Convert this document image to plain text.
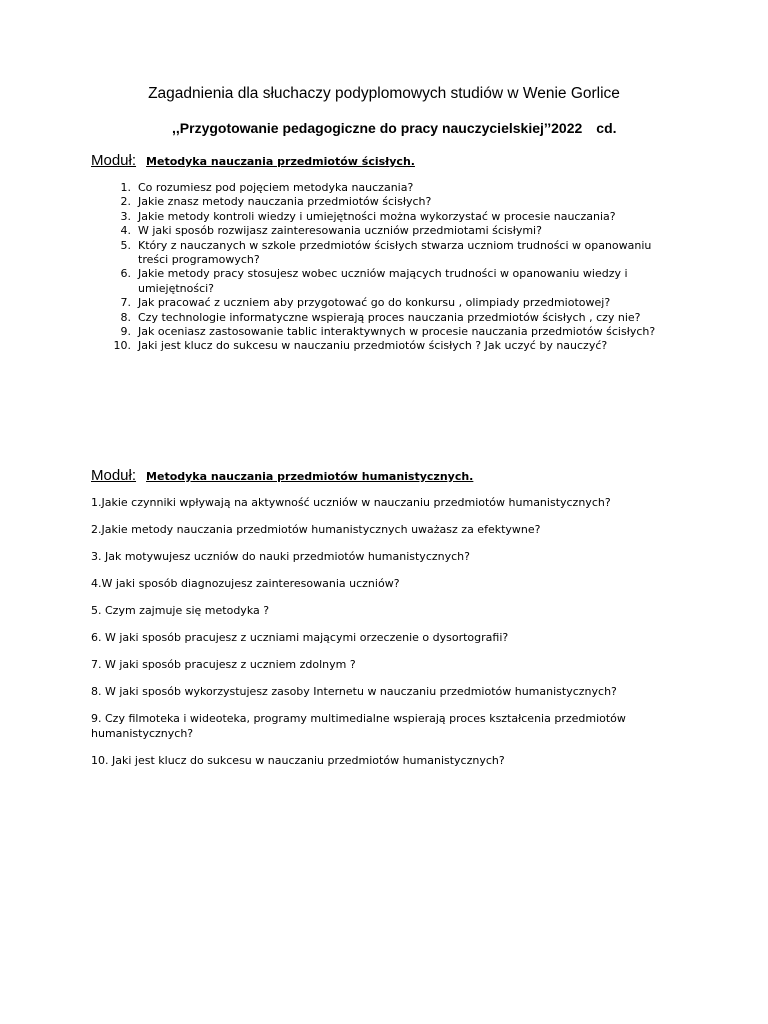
Zagadnienia dla słuchaczy podyplomowych studiów w Wenie Gorlice
,,Przygotowanie pedagogiczne do pracy nauczycielskiej’’2022 cd.
Moduł: Metodyka nauczania przedmiotów ścisłych.
1. Co rozumiesz pod pojęciem metodyka nauczania?
2. Jakie znasz metody nauczania przedmiotów ścisłych?
3. Jakie metody kontroli wiedzy i umiejętności można wykorzystać w procesie nauczania?
4. W jaki sposób rozwijasz zainteresowania uczniów przedmiotami ścisłymi?
5. Który z nauczanych w szkole przedmiotów ścisłych stwarza uczniom trudności w opanowaniu treści programowych?
6. Jakie metody pracy stosujesz wobec uczniów mających trudności w opanowaniu wiedzy i umiejętności?
7. Jak pracować z uczniem aby przygotować go do konkursu , olimpiady przedmiotowej?
8. Czy technologie informatyczne wspierają proces nauczania przedmiotów ścisłych , czy nie?
9. Jak oceniasz zastosowanie tablic interaktywnych w procesie nauczania przedmiotów ścisłych?
10. Jaki jest klucz do sukcesu w nauczaniu przedmiotów ścisłych ? Jak uczyć by nauczyć?
Moduł: Metodyka nauczania przedmiotów humanistycznych.

1.Jakie czynniki wpływają na aktywność uczniów w nauczaniu przedmiotów humanistycznych?

2.Jakie metody nauczania przedmiotów humanistycznych uważasz za efektywne?

3. Jak motywujesz uczniów do nauki przedmiotów humanistycznych?

4.W jaki sposób diagnozujesz zainteresowania uczniów?

5. Czym zajmuje się metodyka ?

6. W jaki sposób pracujesz z uczniami mającymi orzeczenie o dysortografii?

7. W jaki sposób pracujesz z uczniem zdolnym ?

8. W jaki sposób wykorzystujesz zasoby Internetu w nauczaniu przedmiotów humanistycznych?

9. Czy filmoteka i wideoteka, programy multimedialne wspierają proces kształcenia przedmiotów humanistycznych?

10. Jaki jest klucz do sukcesu w nauczaniu przedmiotów humanistycznych?
